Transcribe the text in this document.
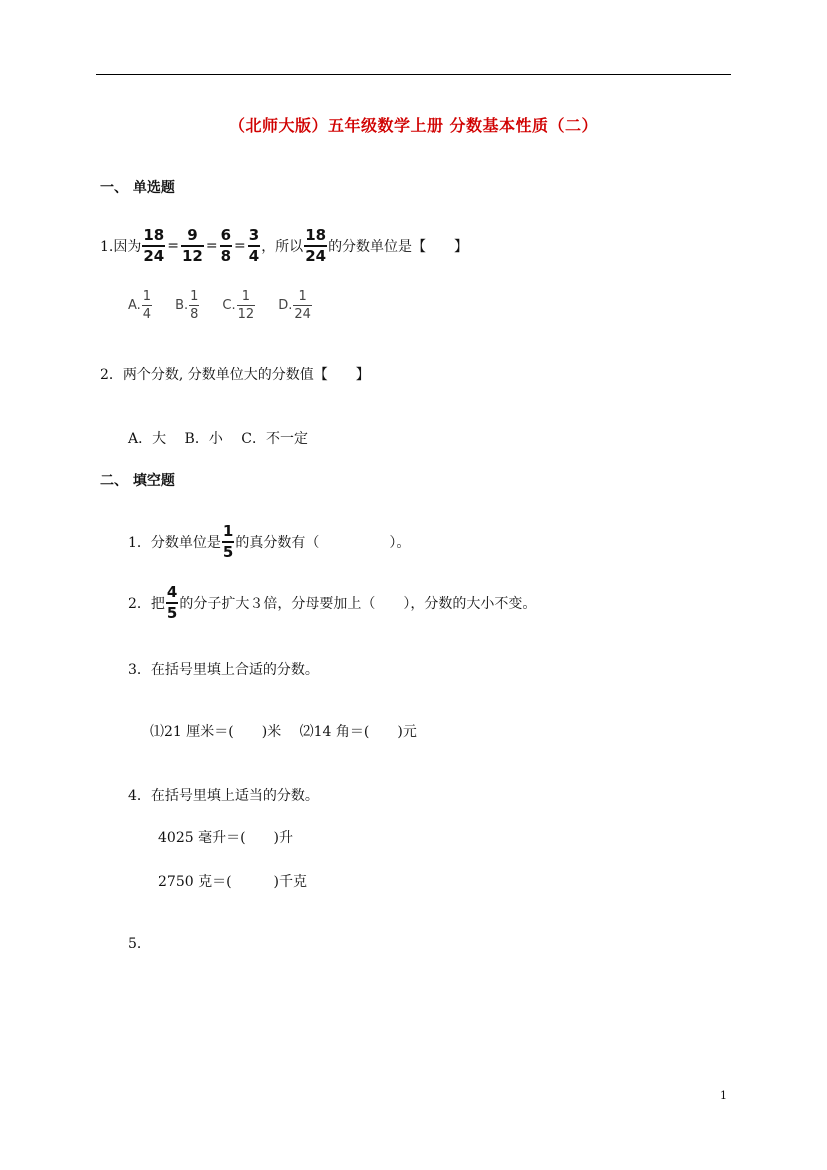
（北师大版）五年级数学上册 分数基本性质（二）
一、 单选题
1.因为 $\frac{18}{24} = \frac{9}{12} = \frac{6}{8} = \frac{3}{4}$ ，所以 $\frac{18}{24}$ 的分数单位是【　　】
A. $\frac{1}{4} B$. $\frac{1}{8} C$. $\frac{1}{12} D$. $\frac{1}{24}$
2．两个分数, 分数单位大的分数值【　　】
A．大　 B．小　 C．不一定
二、 填空题
1．分数单位是 $\frac{1}{5}$ 的真分数有（　　　　　）。
2．把 $\frac{4}{5}$ 的分子扩大３倍，分母要加上（　　），分数的大小不变。
3．在括号里填上合适的分数。
⑴21 厘米＝(　　)米　 ⑵14 角＝(　　)元
4．在括号里填上适当的分数。
4025 毫升＝(　　)升
2750 克＝(　　　)千克
5．
1
